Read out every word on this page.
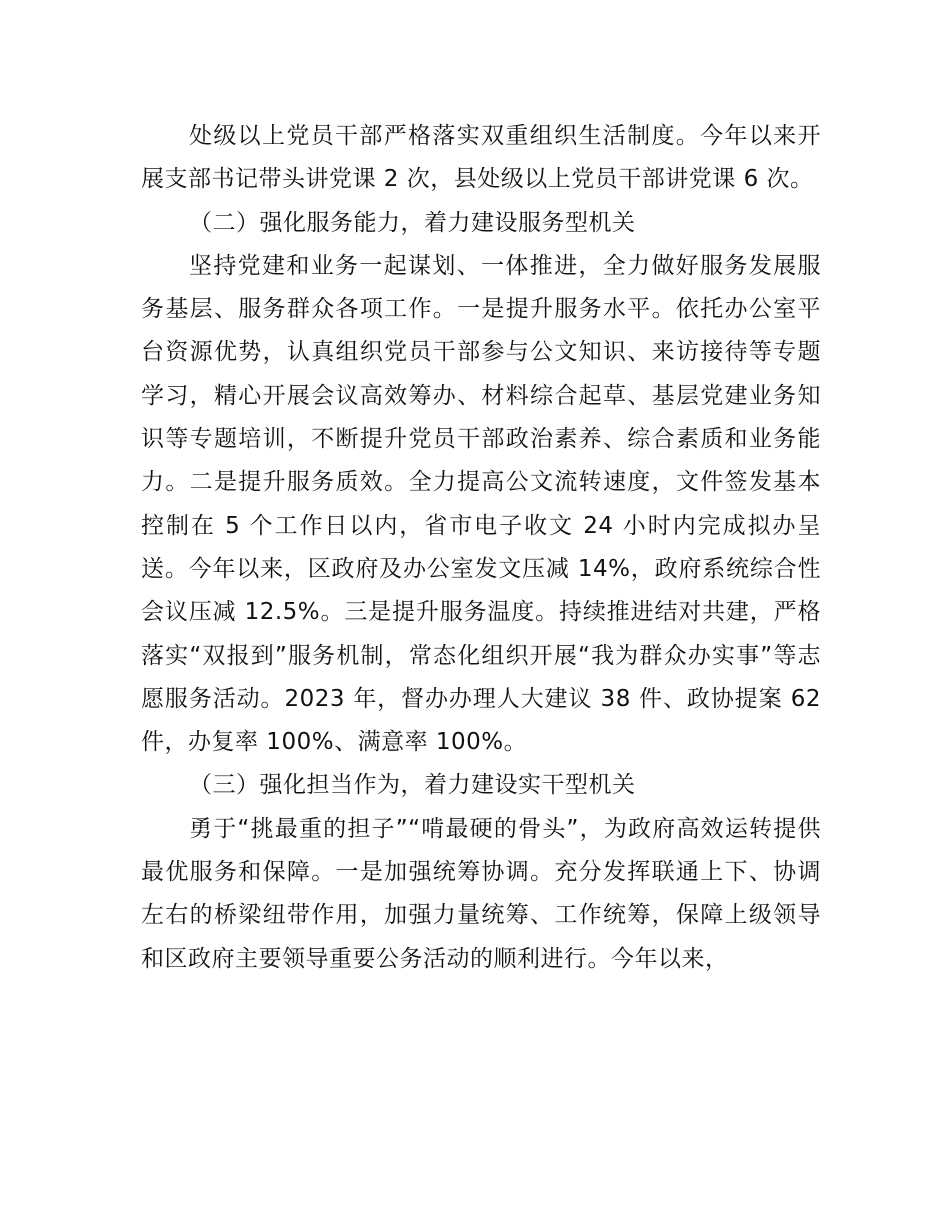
处级以上党员干部严格落实双重组织生活制度。今年以来开展支部书记带头讲党课 2 次，县处级以上党员干部讲党课 6 次。

（二）强化服务能力，着力建设服务型机关

坚持党建和业务一起谋划、一体推进，全力做好服务发展服务基层、服务群众各项工作。一是提升服务水平。依托办公室平台资源优势，认真组织党员干部参与公文知识、来访接待等专题学习，精心开展会议高效筹办、材料综合起草、基层党建业务知识等专题培训，不断提升党员干部政治素养、综合素质和业务能力。二是提升服务质效。全力提高公文流转速度，文件签发基本控制在 5 个工作日以内，省市电子收文 24 小时内完成拟办呈送。今年以来，区政府及办公室发文压减 14%，政府系统综合性会议压减 12.5%。三是提升服务温度。持续推进结对共建，严格落实“双报到”服务机制，常态化组织开展“我为群众办实事”等志愿服务活动。2023 年，督办办理人大建议 38 件、政协提案 62 件，办复率 100%、满意率 100%。

（三）强化担当作为，着力建设实干型机关

勇于“挑最重的担子”“啃最硬的骨头”，为政府高效运转提供最优服务和保障。一是加强统筹协调。充分发挥联通上下、协调左右的桥梁纽带作用，加强力量统筹、工作统筹，保障上级领导和区政府主要领导重要公务活动的顺利进行。今年以来，
